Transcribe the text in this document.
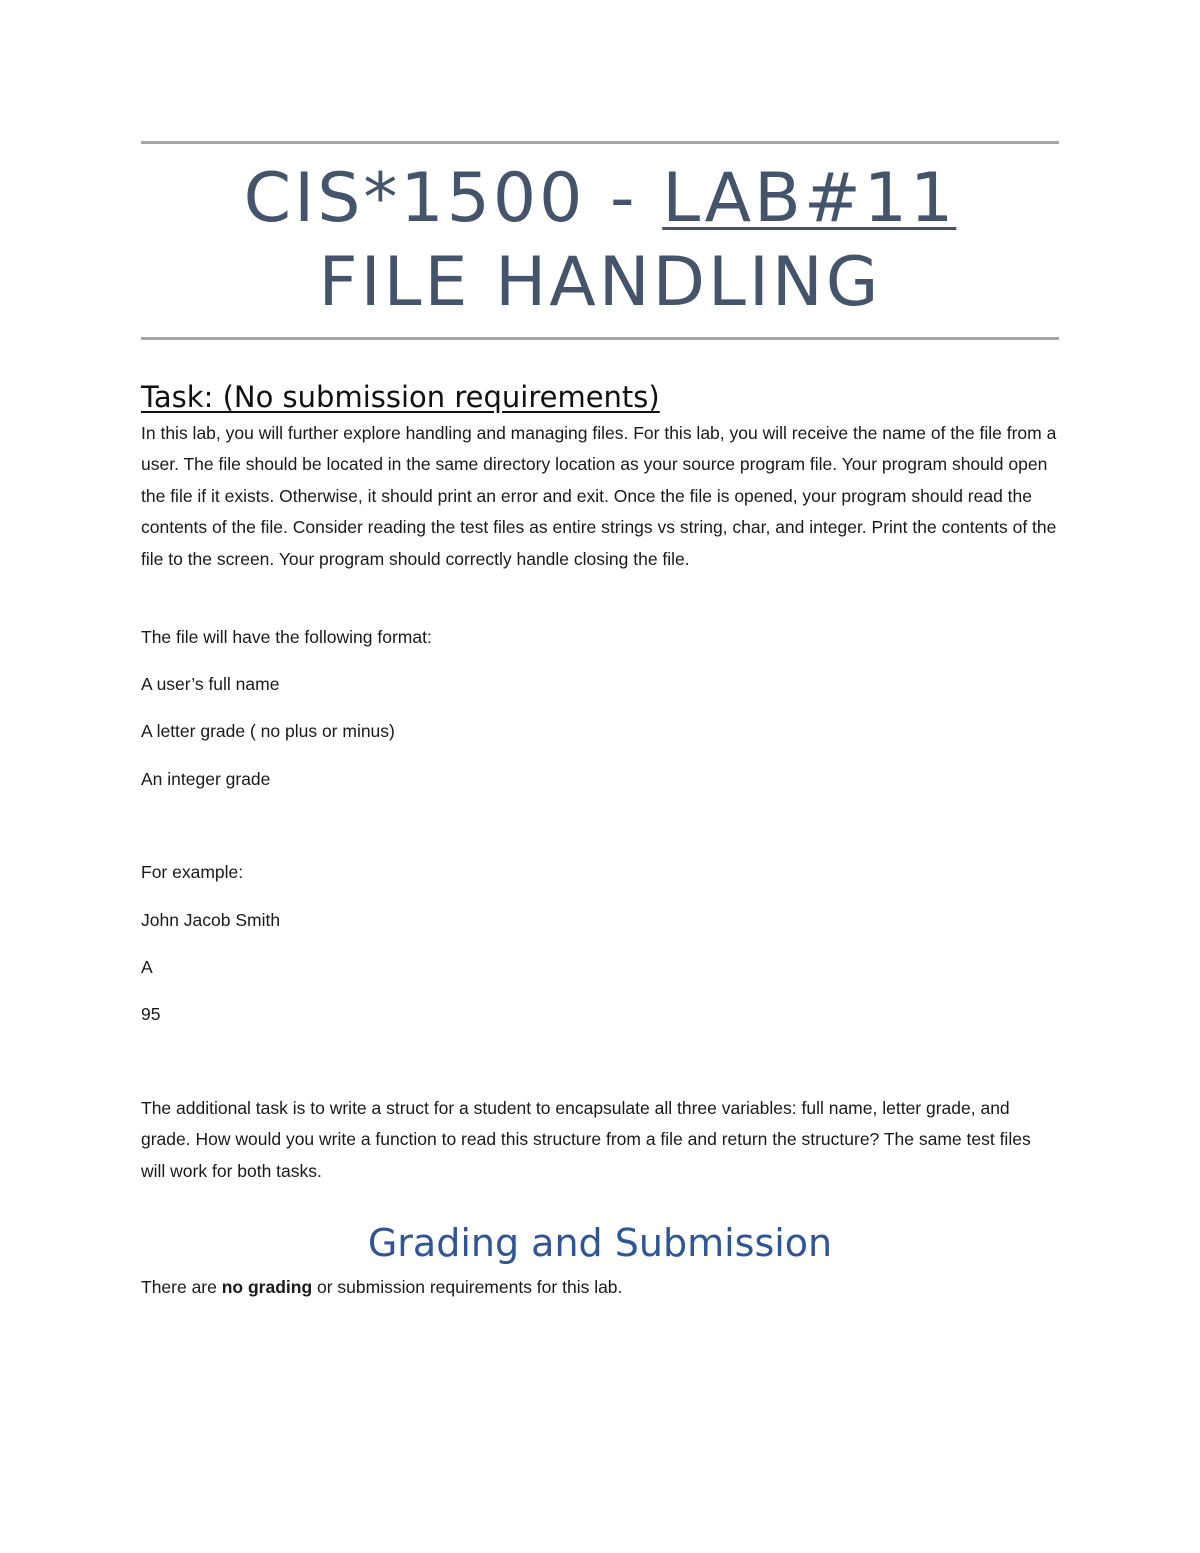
CIS*1500 - LAB#11
FILE HANDLING
Task: (No submission requirements)
In this lab, you will further explore handling and managing files. For this lab, you will receive the name of the file from a user. The file should be located in the same directory location as your source program file. Your program should open the file if it exists. Otherwise, it should print an error and exit. Once the file is opened, your program should read the contents of the file. Consider reading the test files as entire strings vs string, char, and integer. Print the contents of the file to the screen. Your program should correctly handle closing the file.
The file will have the following format:
A user’s full name
A letter grade ( no plus or minus)
An integer grade
For example:
John Jacob Smith
A
95
The additional task is to write a struct for a student to encapsulate all three variables: full name, letter grade, and grade. How would you write a function to read this structure from a file and return the structure? The same test files will work for both tasks.
Grading and Submission
There are no grading or submission requirements for this lab.
